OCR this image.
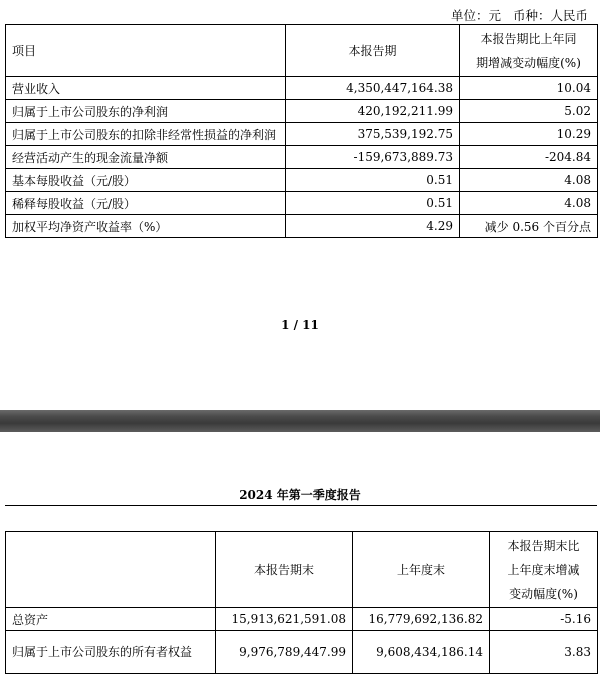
单位：元 币种：人民币
项目	本报告期	本报告期比上年同
期增减变动幅度(%)

营业收入	4,350,447,164.38	10.04
归属于上市公司股东的净利润	420,192,211.99	5.02
归属于上市公司股东的扣除非经常性损益的净利润	375,539,192.75	10.29
经营活动产生的现金流量净额	-159,673,889.73	-204.84
基本每股收益（元/股）	0.51	4.08
稀释每股收益（元/股）	0.51	4.08
加权平均净资产收益率（%）	4.29	减少 0.56 个百分点
1 / 11
2024 年第一季度报告
	本报告期末	上年度末	本报告期末比
上年度末增减
变动幅度(%)

总资产	15,913,621,591.08	16,779,692,136.82	-5.16
归属于上市公司股东的所有者权益	9,976,789,447.99	9,608,434,186.14	3.83
